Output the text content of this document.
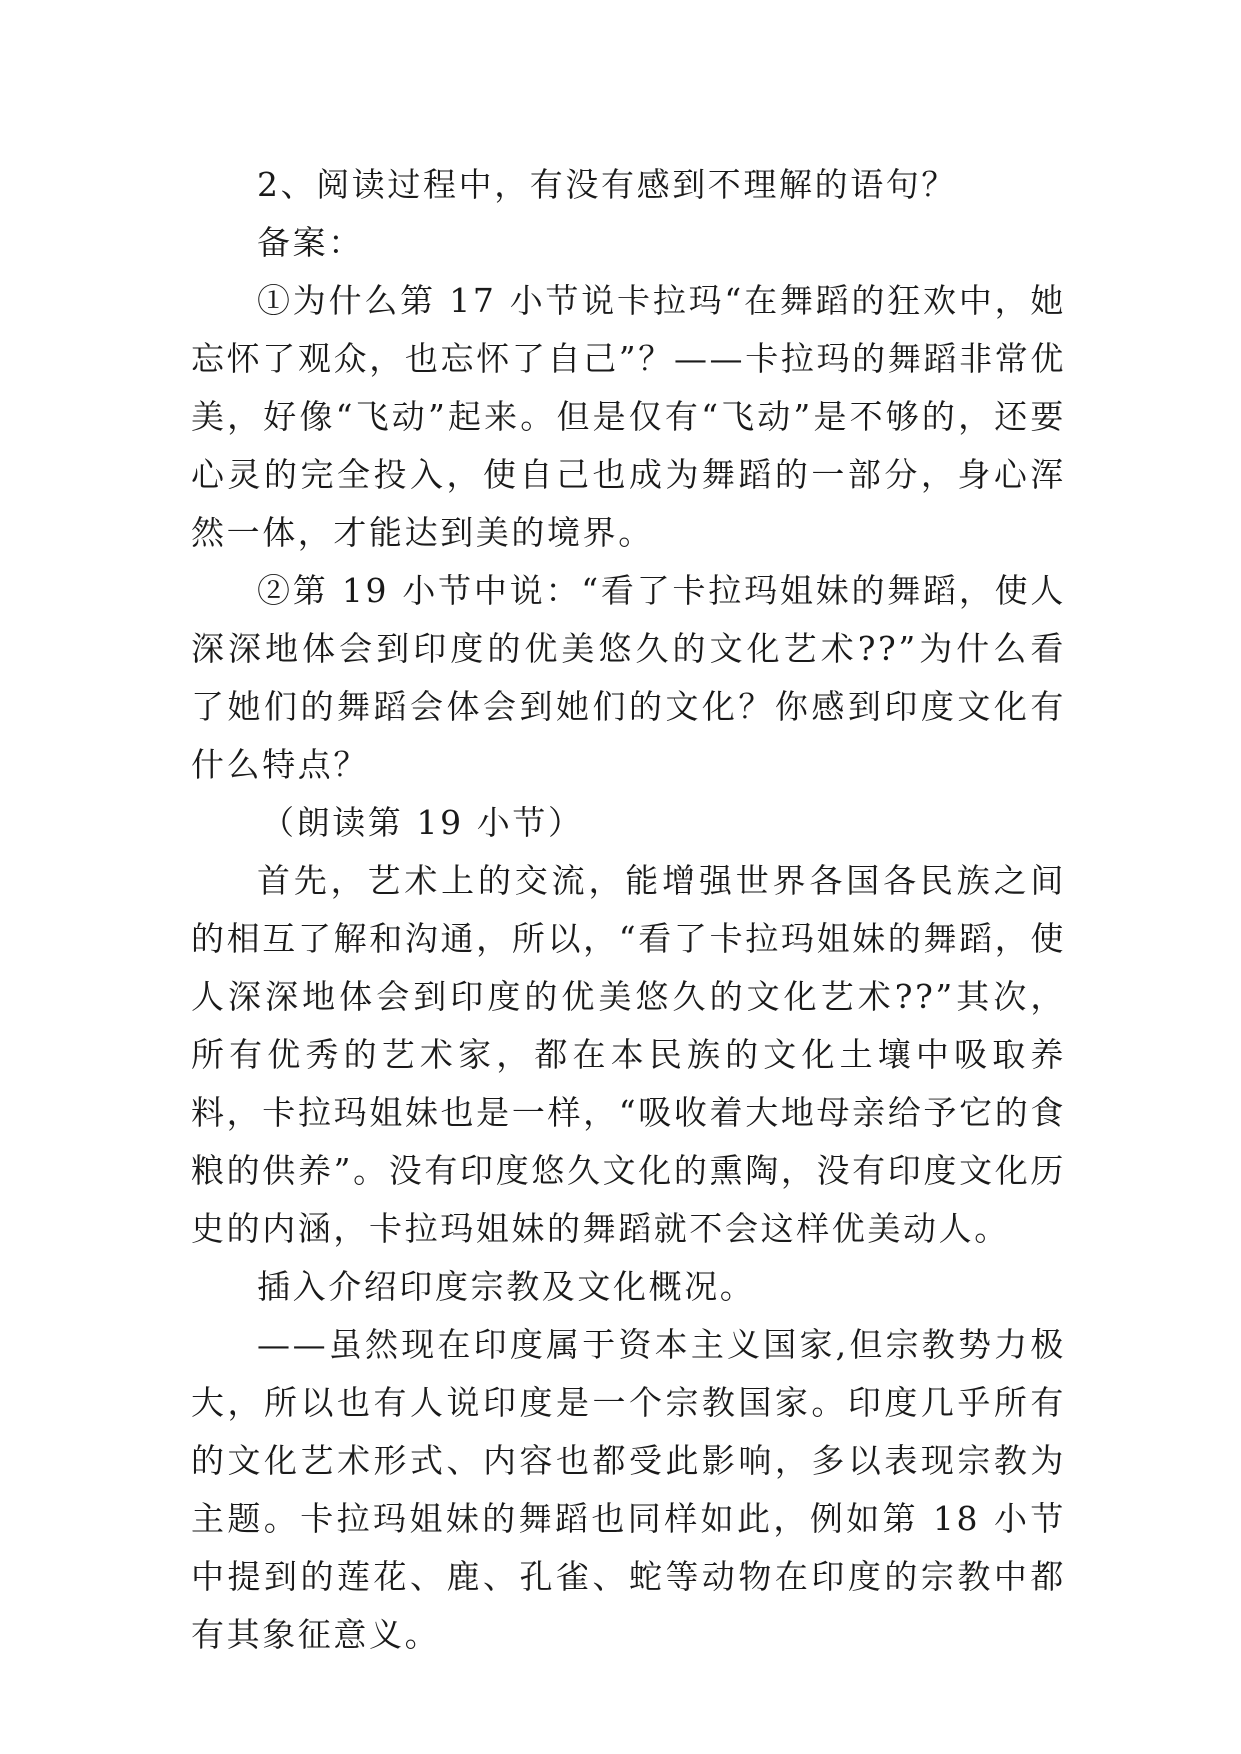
2、阅读过程中，有没有感到不理解的语句？

备案：

①为什么第 17 小节说卡拉玛“在舞蹈的狂欢中，她忘怀了观众，也忘怀了自己”？——卡拉玛的舞蹈非常优美，好像“飞动”起来。但是仅有“飞动”是不够的，还要心灵的完全投入，使自己也成为舞蹈的一部分，身心浑然一体，才能达到美的境界。

②第 19 小节中说：“看了卡拉玛姐妹的舞蹈，使人深深地体会到印度的优美悠久的文化艺术??”为什么看了她们的舞蹈会体会到她们的文化？你感到印度文化有什么特点？

（朗读第 19 小节）

首先，艺术上的交流，能增强世界各国各民族之间的相互了解和沟通，所以，“看了卡拉玛姐妹的舞蹈，使人深深地体会到印度的优美悠久的文化艺术??”其次，所有优秀的艺术家，都在本民族的文化土壤中吸取养料，卡拉玛姐妹也是一样，“吸收着大地母亲给予它的食粮的供养”。没有印度悠久文化的熏陶，没有印度文化历史的内涵，卡拉玛姐妹的舞蹈就不会这样优美动人。

插入介绍印度宗教及文化概况。

——虽然现在印度属于资本主义国家,但宗教势力极大，所以也有人说印度是一个宗教国家。印度几乎所有的文化艺术形式、内容也都受此影响，多以表现宗教为主题。卡拉玛姐妹的舞蹈也同样如此，例如第 18 小节中提到的莲花、鹿、孔雀、蛇等动物在印度的宗教中都有其象征意义。
